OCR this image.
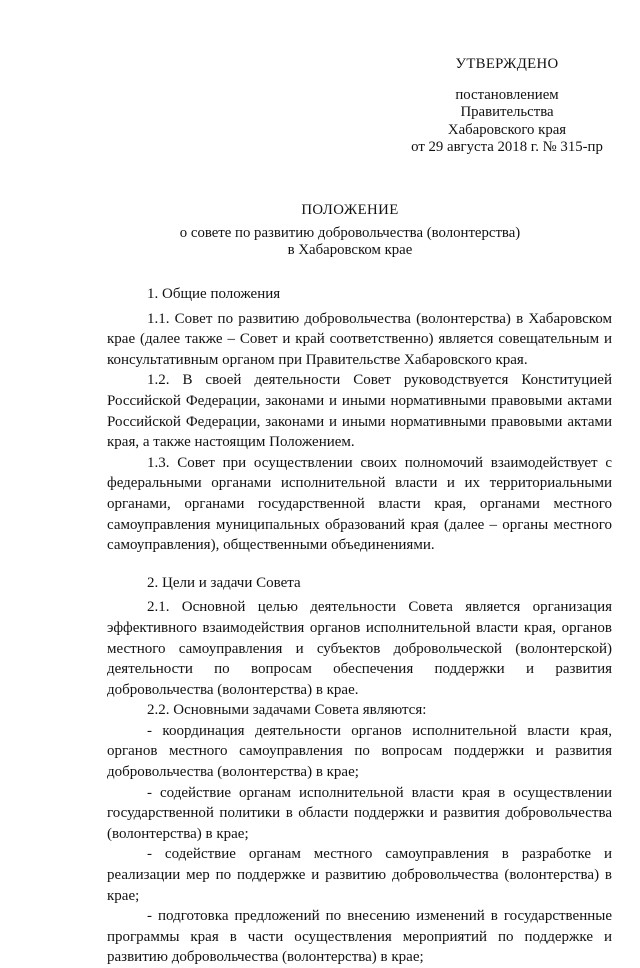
УТВЕРЖДЕНО
постановлением
Правительства
Хабаровского края
от 29 августа 2018 г. № 315-пр
ПОЛОЖЕНИЕ
о совете по развитию добровольчества (волонтерства)
в Хабаровском крае

1. Общие положения

1.1. Совет по развитию добровольчества (волонтерства) в Хабаровском крае (далее также – Совет и край соответственно) является совещательным и консультативным органом при Правительстве Хабаровского края.

1.2. В своей деятельности Совет руководствуется Конституцией Российской Федерации, законами и иными нормативными правовыми актами Российской Федерации, законами и иными нормативными правовыми актами края, а также настоящим Положением.

1.3. Совет при осуществлении своих полномочий взаимодействует с федеральными органами исполнительной власти и их территориальными органами, органами государственной власти края, органами местного самоуправления муниципальных образований края (далее – органы местного самоуправления), общественными объединениями.

2. Цели и задачи Совета

2.1. Основной целью деятельности Совета является организация эффективного взаимодействия органов исполнительной власти края, органов местного самоуправления и субъектов добровольческой (волонтерской) деятельности по вопросам обеспечения поддержки и развития добровольчества (волонтерства) в крае.

2.2. Основными задачами Совета являются:

- координация деятельности органов исполнительной власти края, органов местного самоуправления по вопросам поддержки и развития добровольчества (волонтерства) в крае;

- содействие органам исполнительной власти края в осуществлении государственной политики в области поддержки и развития добровольчества (волонтерства) в крае;

- содействие органам местного самоуправления в разработке и реализации мер по поддержке и развитию добровольчества (волонтерства) в крае;

- подготовка предложений по внесению изменений в государственные программы края в части осуществления мероприятий по поддержке и развитию добровольчества (волонтерства) в крае;
